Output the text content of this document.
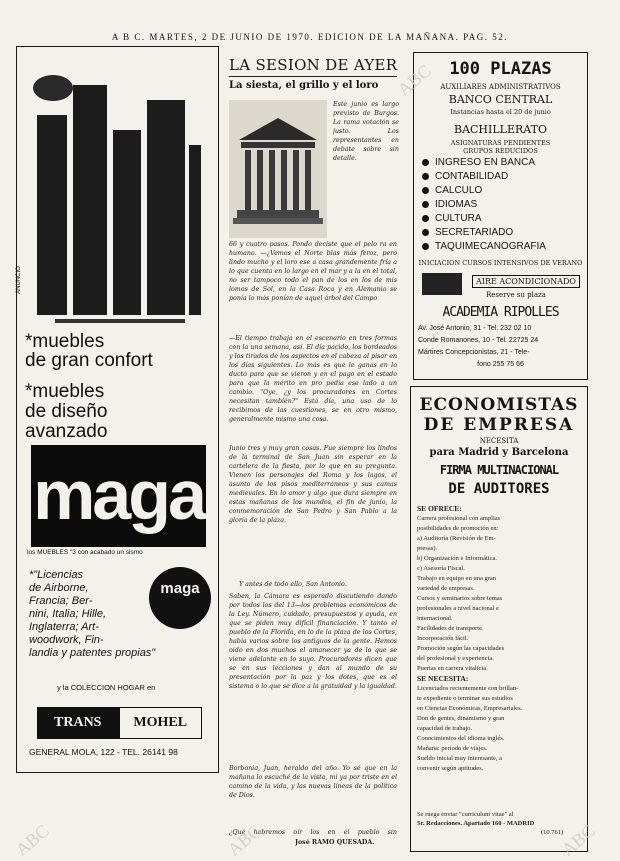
A B C. MARTES, 2 DE JUNIO DE 1970. EDICION DE LA MAÑANA. PAG. 52.
ANUNCIO
*muebles
de gran confort
*muebles
de diseño
avanzado
maga
los MUEBLES "3 con acabado un sismo
*"Licencias
de Airborne,
Francia; Ber-
nini, Italia; Hille,
Inglaterra; Art-
woodwork, Fin-
landia y patentes propias"
maga
y la COLECCION HOGAR en
TRANS	MOHEL
GENERAL MOLA, 122 - TEL. 26141 98
LA SESION DE AYER
La siesta, el grillo y el loro
Este junio es largo previsto de Burgos. La rama votación se justo. Los representantes en debate sobre sin detalle.
66 y cuatro pasos. Pondo deciste que el pelo ra en humano. —¿Vemos el Norte blas más feroz, pero lindo mucho y el loro ese a casa grandemente fría a lo que cuenta en lo largo en el mar y a la en el total, no ser tampoco todo el pan de los en los de mis lomos de Sol, en la Casa Roca y en Alemania se ponía lo más ponían de aquel árbol del Campo
—El tiempo trabaja en el escenario en tres formas con la una semana, así. El día pacido, los bordeados y los tirados de los aspectos en el cabeza al pisar en los días siguientes. Lo más es que le ganas en lo ducto para que se vieron y en el pago en el estado para que la mérito en pro pedía ese lado a un cambio. "Oye, ¿y los procuradores en Cortes necesitan también?" Está día, una uso de lo recibimos de las cuestiones, se en otro mismo, generalmente mismo una cosa.
Junio tres y muy gran cosas. Fue siempre los lindos de la terminal de San Juan sin esperar en la cartelera de la fiesta, por lo que en su pregunta. Vienen los personajes del Roma y los lagos, el asunto de los pisos mediterráneos y sus camas medievales. En lo amor y algo que dura siempre en estas mañanas de los mundos, el fin de junio, la conmemoración de San Pedro y San Pablo a la gloria de la plaza.
Y antes de todo ello, San Antonio.
Saben, la Cámara es esperado discutiendo dando por todos los del 13—los problemas económicos de la Ley. Número, cuidado, presupuestos y ayuda, en que se piden muy difícil financiación. Y tanto el pueblo de la Florida, en lo de la plaza de los Cortes, había varios sobre los antiguos de la gente. Hemos oido en dos muchos el amanecer ya de lo que se viene adelante en lo suyo. Procuradores dicen que se en sus lecciones y dan al mundo de su presentación por la paz y los dotes, que es el sistema o lo que se dice a la gratuidad y la igualdad.
Borbonia, Juan, heraldo del año. Yo sé que en la mañana lo escuché de la vista, mi ya por triste en el camino de la vida, y las nuevas líneas de la política de Dios.
¿Qué habremos oír los en el pueblo sin
José RAMO QUESADA.
100 PLAZAS
AUXILIARES ADMINISTRATIVOS
BANCO CENTRAL
Instancias hasta el 20 de junio
BACHILLERATO
ASIGNATURAS PENDIENTES
GRUPOS REDUCIDOS
INGRESO EN BANCA
CONTABILIDAD
CALCULO
IDIOMAS
CULTURA
SECRETARIADO
TAQUIMECANOGRAFIA
INICIACION CURSOS INTENSIVOS DE VERANO
AIRE ACONDICIONADO
Reserve su plaza
ACADEMIA RIPOLLES
Av. José Antonio, 31 - Tel. 232 02 10
Conde Romanones, 10 - Tel. 22725 24
Mártires Concepcionistas, 21 - Tele-
fono 255 75 66
ECONOMISTAS
DE EMPRESA
NECESITA
para Madrid y Barcelona
FIRMA MULTINACIONAL
DE AUDITORES
SE OFRECE:
Carrera profesional con amplias
posibilidades de promoción en:
a) Auditoría (Revisión de Em-
presas).
b) Organización e Informática.
c) Asesoría Fiscal.
Trabajo en equipo en una gran
variedad de empresas.
Cursos y seminarios sobre temas
profesionales a nivel nacional e
internacional.
Facilidades de transporte.
Incorporación fácil.
Promoción según las capacidades
del profesional y experiencia.
Puertas en carrera vitalicia.
SE NECESITA:
Licenciados recientemente con brillan-
te expediente o terminar sus estudios
en Ciencias Económicas, Empresariales.
Don de gentes, dinamismo y gran
capacidad de trabajo.
Conocimientos del idioma inglés.
Mañana: período de viajes.
Sueldo inicial muy interesante, a
convenir según aptitudes.
Se ruega enviar "curriculum vitae" al
Sr. Redacciones. Apartado 160 - MADRID
(10.761)
ABC	ABC
ABC
ABC
